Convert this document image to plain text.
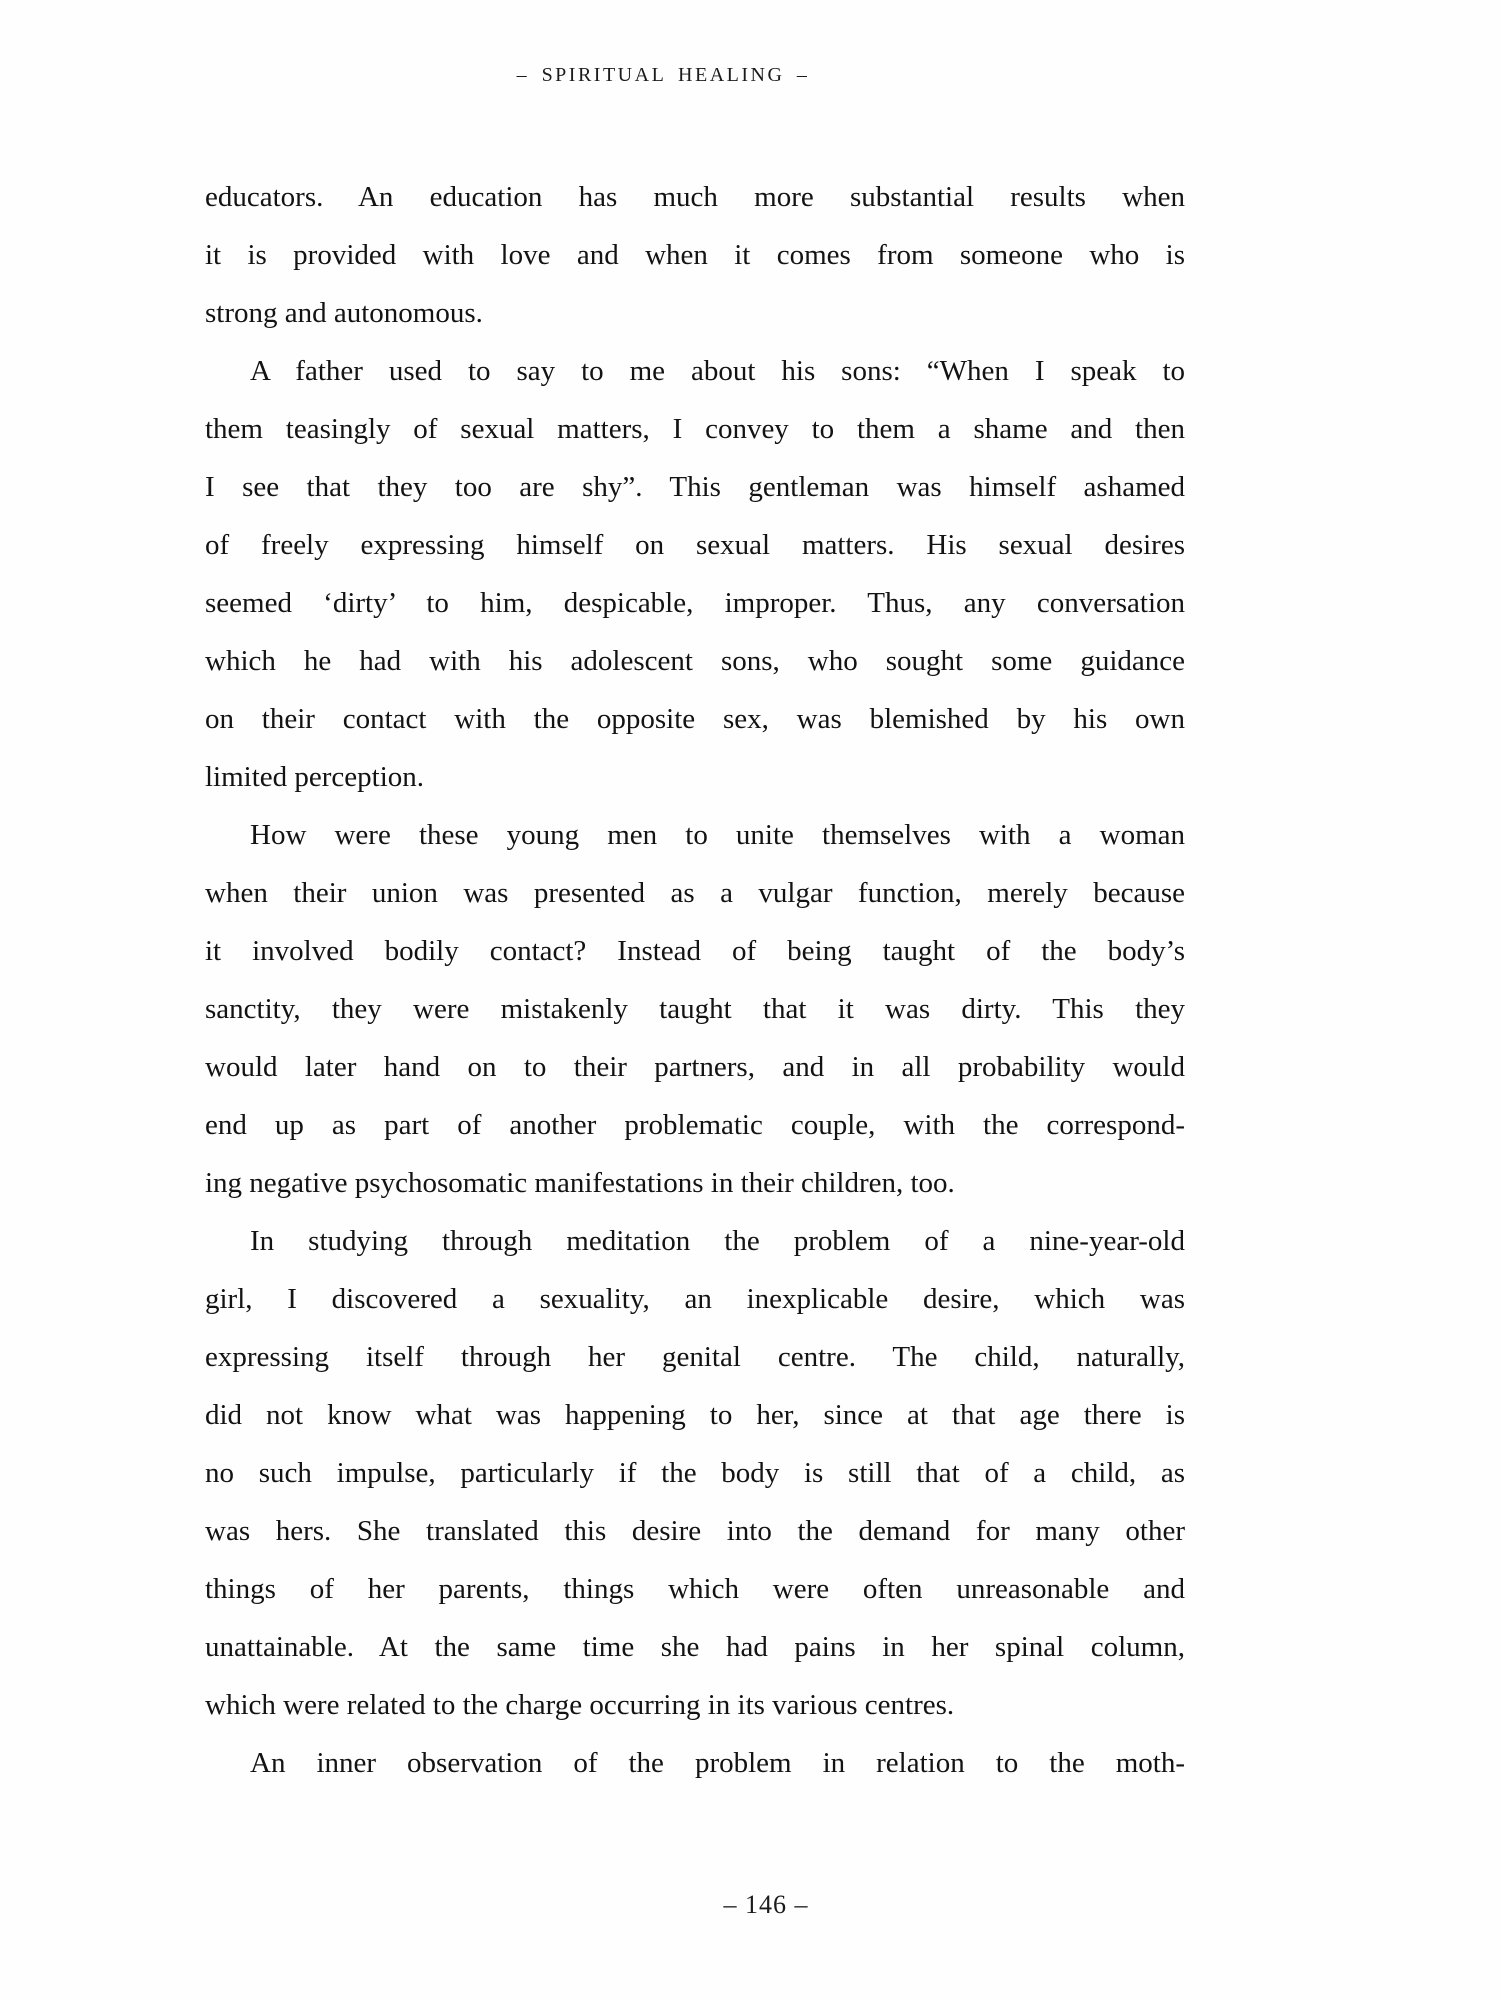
– SPIRITUAL HEALING –
educators. An education has much more substantial results when
it is provided with love and when it comes from someone who is
strong and autonomous.
A father used to say to me about his sons: “When I speak to
them teasingly of sexual matters, I convey to them a shame and then
I see that they too are shy”. This gentleman was himself ashamed
of freely expressing himself on sexual matters. His sexual desires
seemed ‘dirty’ to him, despicable, improper. Thus, any conversation
which he had with his adolescent sons, who sought some guidance
on their contact with the opposite sex, was blemished by his own
limited perception.
How were these young men to unite themselves with a woman
when their union was presented as a vulgar function, merely because
it involved bodily contact? Instead of being taught of the body’s
sanctity, they were mistakenly taught that it was dirty. This they
would later hand on to their partners, and in all probability would
end up as part of another problematic couple, with the correspond-
ing negative psychosomatic manifestations in their children, too.
In studying through meditation the problem of a nine-year-old
girl, I discovered a sexuality, an inexplicable desire, which was
expressing itself through her genital centre. The child, naturally,
did not know what was happening to her, since at that age there is
no such impulse, particularly if the body is still that of a child, as
was hers. She translated this desire into the demand for many other
things of her parents, things which were often unreasonable and
unattainable. At the same time she had pains in her spinal column,
which were related to the charge occurring in its various centres.
An inner observation of the problem in relation to the moth-
– 146 –
